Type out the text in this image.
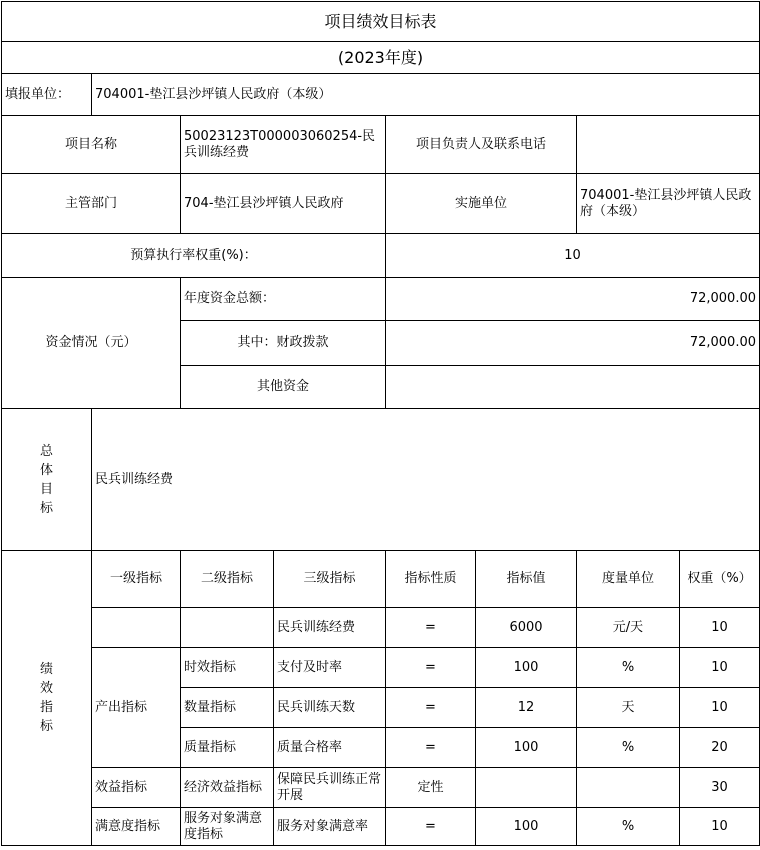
项目绩效目标表							
(2023年度)							
填报单位：	704001-垫江县沙坪镇人民政府（本级）						
项目名称		50023123T000003060254-民兵训练经费		项目负责人及联系电话			
主管部门		704-垫江县沙坪镇人民政府		实施单位		704001-垫江县沙坪镇人民政府（本级）	
预算执行率权重(%)：				10			
资金情况（元）		年度资金总额：		72,000.00			
		其中：财政拨款		72,000.00			
		其他资金					

总体目标	民兵训练经费						

绩效指标	一级指标	二级指标	三级指标	指标性质	指标值	度量单位	权重（%）
			民兵训练经费	=	6000	元/天	10
	产出指标	时效指标	支付及时率	=	100	%	10
		数量指标	民兵训练天数	=	12	天	10
		质量指标	质量合格率	=	100	%	20
	效益指标	经济效益指标	保障民兵训练正常开展	定性			30
	满意度指标	服务对象满意度指标	服务对象满意率	=	100	%	10
